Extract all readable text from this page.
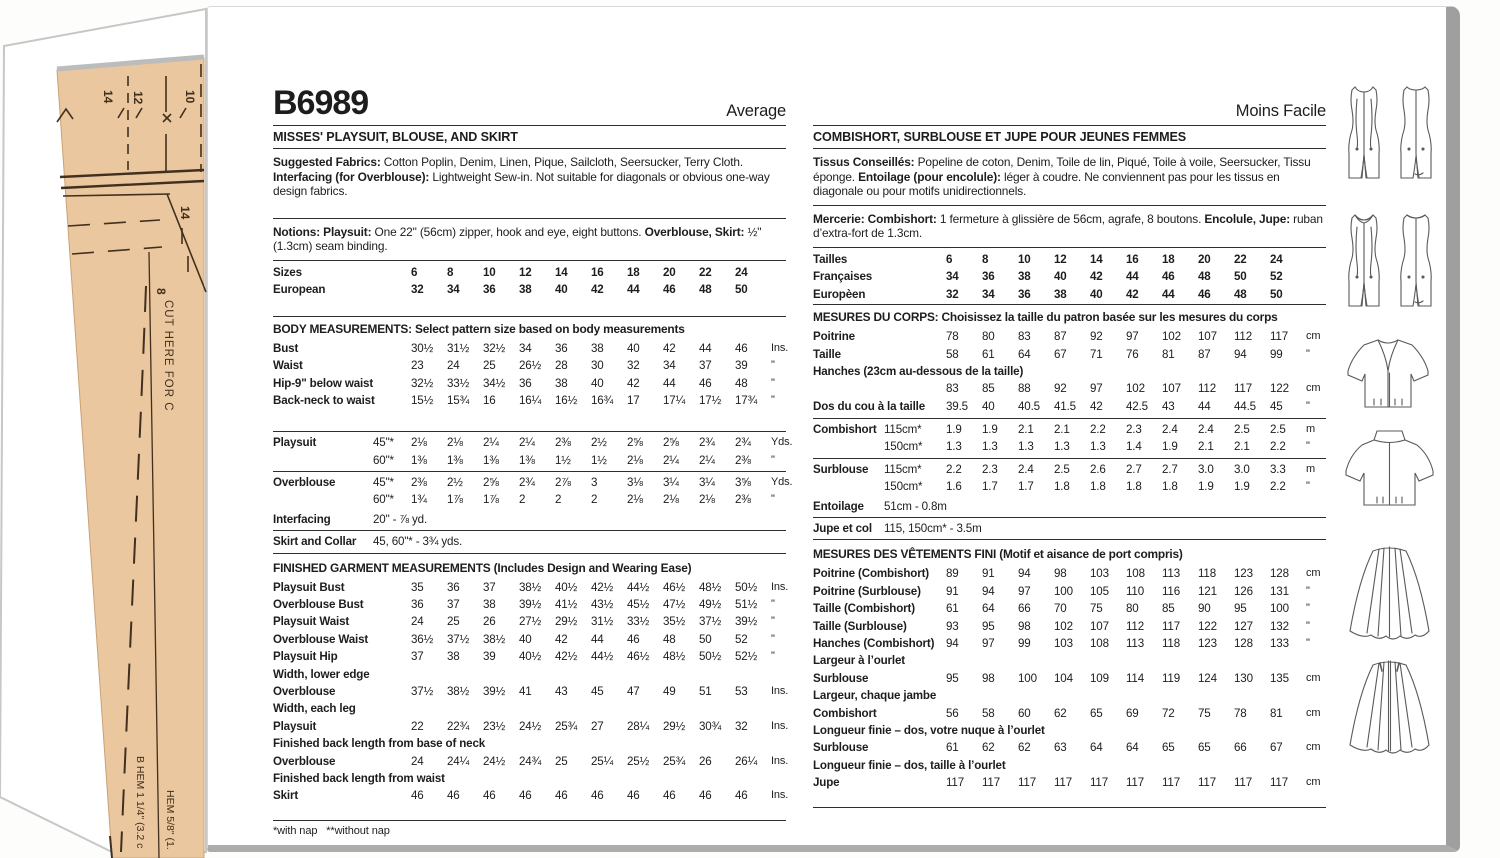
14 12	10
14
8
CUT HERE FOR C
B HEM 1 1/4" (3.2 c HEM 5/8" (1.
B6989	Average
MISSES' PLAYSUIT, BLOUSE, AND SKIRT
Suggested Fabrics: Cotton Poplin, Denim, Linen, Pique, Sailcloth, Seersucker, Terry Cloth. Interfacing (for Overblouse): Lightweight Sew-in. Not suitable for diagonals or obvious one-way design fabrics.
Notions: Playsuit: One 22" (56cm) zipper, hook and eye, eight buttons. Overblouse, Skirt: ½" (1.3cm) seam binding.
Sizes	6	8	10	12	14	16	18	20	22	24
European	32	34	36	38	40	42	44	46	48	50
BODY MEASUREMENTS: Select pattern size based on body measurements
Bust	30½	31½	32½	34	36	38	40	42	44	46	Ins.
Waist	23	24	25	26½	28	30	32	34	37	39	"
Hip-9" below waist	32½	33½	34½	36	38	40	42	44	46	48	"
Back-neck to waist	15½	15¾	16	16¼	16½	16¾	17	17¼	17½	17¾	"
Playsuit	45"*	2⅛	2⅛	2¼	2¼	2⅜	2½	2⅝	2⅝	2¾	2¾	Yds.
60"*	1⅜	1⅜	1⅜	1⅜	1½	1½	2⅛	2¼	2¼	2⅜	"
Overblouse	45"*	2⅜	2½	2⅝	2¾	2⅞	3	3⅛	3¼	3¼	3⅝	Yds.
60"*	1¾	1⅞	1⅞	2	2	2	2⅛	2⅛	2⅛	2⅜	"
Interfacing	20" - ⅞ yd.
Skirt and Collar	45, 60"* - 3¾ yds.
FINISHED GARMENT MEASUREMENTS (Includes Design and Wearing Ease)
Playsuit Bust	35	36	37	38½	40½	42½	44½	46½	48½	50½	Ins.
Overblouse Bust	36	37	38	39½	41½	43½	45½	47½	49½	51½	"
Playsuit Waist	24	25	26	27½	29½	31½	33½	35½	37½	39½	"
Overblouse Waist	36½	37½	38½	40	42	44	46	48	50	52	"
Playsuit Hip	37	38	39	40½	42½	44½	46½	48½	50½	52½	"
Width, lower edge
Overblouse	37½	38½	39½	41	43	45	47	49	51	53	Ins.
Width, each leg
Playsuit	22	22¾	23½	24½	25¾	27	28¼	29½	30¾	32	Ins.
Finished back length from base of neck
Overblouse	24	24¼	24½	24¾	25	25¼	25½	25¾	26	26¼	Ins.
Finished back length from waist
Skirt	46	46	46	46	46	46	46	46	46	46	Ins.
*with nap   **without nap
Moins Facile
COMBISHORT, SURBLOUSE ET JUPE POUR JEUNES FEMMES
Tissus Conseillés: Popeline de coton, Denim, Toile de lin, Piqué, Toile à voile, Seersucker, Tissu éponge. Entoilage (pour encolule): léger à coudre. Ne conviennent pas pour les tissus en diagonale ou pour motifs unidirectionnels.
Mercerie: Combishort: 1 fermeture à glissière de 56cm, agrafe, 8 boutons. Encolule, Jupe: ruban d’extra-fort de 1.3cm.
Tailles	6	8	10	12	14	16	18	20	22	24
Françaises	34	36	38	40	42	44	46	48	50	52
Europèen	32	34	36	38	40	42	44	46	48	50
MESURES DU CORPS: Choisissez la taille du patron basée sur les mesures du corps
Poitrine	78	80	83	87	92	97	102	107	112	117	cm
Taille	58	61	64	67	71	76	81	87	94	99	"
Hanches (23cm au-dessous de la taille)
83	85	88	92	97	102	107	112	117	122	cm
Dos du cou à la taille	39.5	40	40.5	41.5	42	42.5	43	44	44.5	45	"
Combishort 115cm*	1.9	1.9	2.1	2.1	2.2	2.3	2.4	2.4	2.5	2.5	m
150cm*	1.3	1.3	1.3	1.3	1.3	1.4	1.9	2.1	2.1	2.2	"
Surblouse	115cm*	2.2	2.3	2.4	2.5	2.6	2.7	2.7	3.0	3.0	3.3	m
150cm*	1.6	1.7	1.7	1.8	1.8	1.8	1.8	1.9	1.9	2.2	"
Entoilage	51cm - 0.8m
Jupe et col	115, 150cm* - 3.5m
MESURES DES VÊTEMENTS FINI (Motif et aisance de port compris)
Poitrine (Combishort)	89	91	94	98	103	108	113	118	123	128	cm
Poitrine (Surblouse)	91	94	97	100	105	110	116	121	126	131	"
Taille (Combishort)	61	64	66	70	75	80	85	90	95	100	"
Taille (Surblouse)	93	95	98	102	107	112	117	122	127	132	"
Hanches (Combishort)	94	97	99	103	108	113	118	123	128	133	"
Largeur à l’ourlet
Surblouse	95	98	100	104	109	114	119	124	130	135	cm
Largeur, chaque jambe
Combishort	56	58	60	62	65	69	72	75	78	81	cm
Longueur finie – dos, votre nuque à l’ourlet
Surblouse	61	62	62	63	64	64	65	65	66	67	cm
Longueur finie – dos, taille à l’ourlet
Jupe	117	117	117	117	117	117	117	117	117	117	cm
